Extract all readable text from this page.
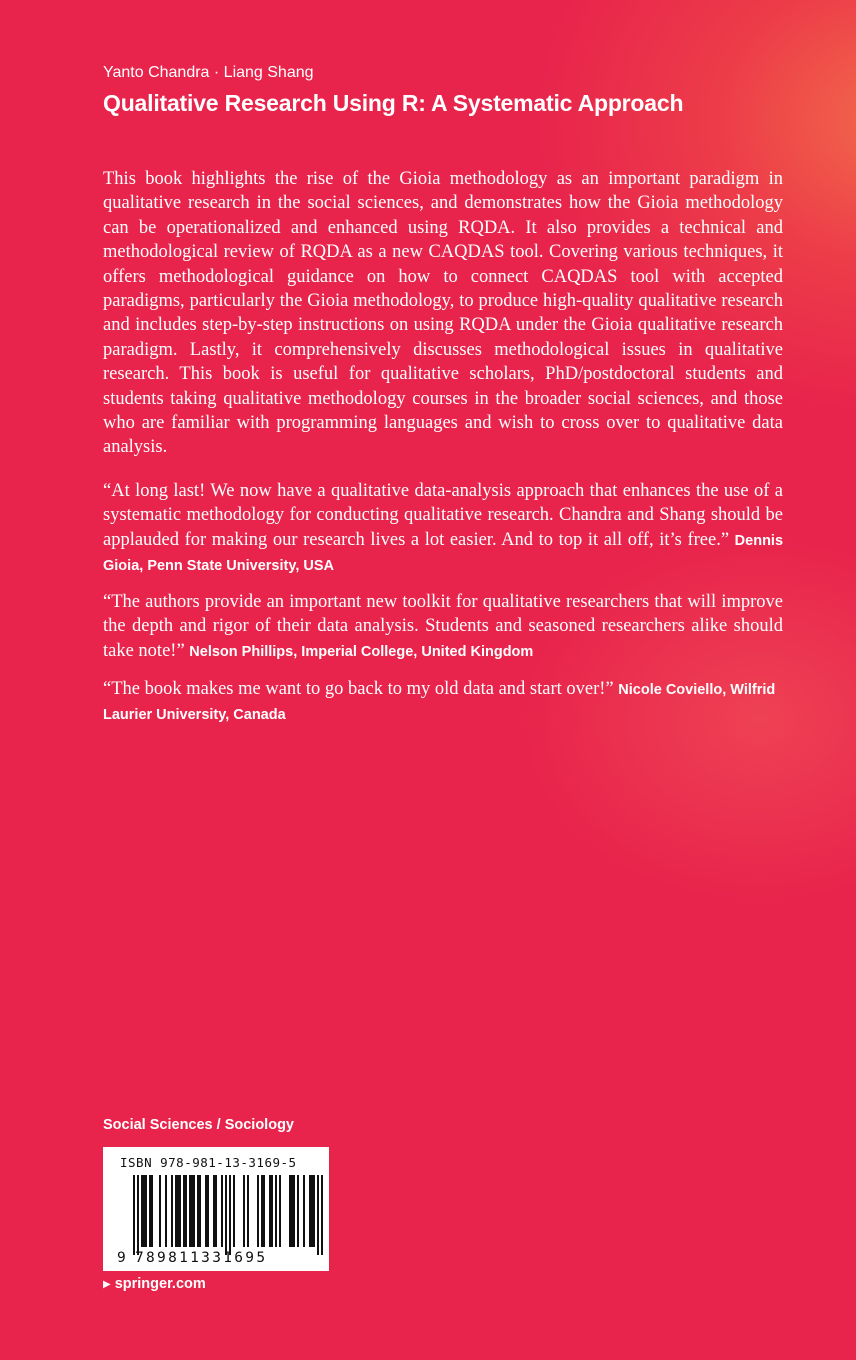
Yanto Chandra · Liang Shang
Qualitative Research Using R: A Systematic Approach

This book highlights the rise of the Gioia methodology as an important paradigm in qualitative research in the social sciences, and demonstrates how the Gioia methodology can be operationalized and enhanced using RQDA. It also provides a technical and methodological review of RQDA as a new CAQDAS tool. Covering various techniques, it offers methodological guidance on how to connect CAQDAS tool with accepted paradigms, particularly the Gioia methodology, to produce high-quality qualitative research and includes step-by-step instructions on using RQDA under the Gioia qualitative research paradigm. Lastly, it comprehensively discusses methodological issues in qualitative research. This book is useful for qualitative scholars, PhD/postdoctoral students and students taking qualitative methodology courses in the broader social sciences, and those who are familiar with programming languages and wish to cross over to qualitative data analysis.

“At long last! We now have a qualitative data-analysis approach that enhances the use of a systematic methodology for conducting qualitative research. Chandra and Shang should be applauded for making our research lives a lot easier. And to top it all off, it’s free.” Dennis Gioia, Penn State University, USA

“The authors provide an important new toolkit for qualitative researchers that will improve the depth and rigor of their data analysis. Students and seasoned researchers alike should take note!” Nelson Phillips, Imperial College, United Kingdom

“The book makes me want to go back to my old data and start over!” Nicole Coviello, Wilfrid Laurier University, Canada

Social Sciences / Sociology
ISBN 978-981-13-3169-5
9 789811331695
▶ springer.com
